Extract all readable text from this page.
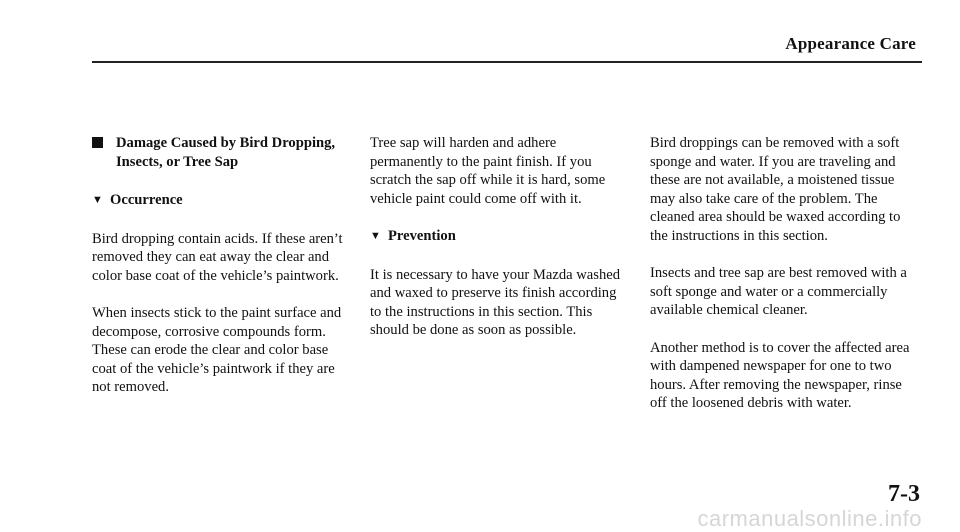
Appearance Care
Damage Caused by Bird Dropping, Insects, or Tree Sap
▼ Occurrence

Bird dropping contain acids. If these aren’t removed they can eat away the clear and color base coat of the vehicle’s paintwork.

When insects stick to the paint surface and decompose, corrosive compounds form. These can erode the clear and color base coat of the vehicle’s paintwork if they are not removed.

Tree sap will harden and adhere permanently to the paint finish. If you scratch the sap off while it is hard, some vehicle paint could come off with it.

▼ Prevention

It is necessary to have your Mazda washed and waxed to preserve its finish according to the instructions in this section. This should be done as soon as possible.

Bird droppings can be removed with a soft sponge and water. If you are traveling and these are not available, a moistened tissue may also take care of the problem. The cleaned area should be waxed according to the instructions in this section.

Insects and tree sap are best removed with a soft sponge and water or a commercially available chemical cleaner.

Another method is to cover the affected area with dampened newspaper for one to two hours. After removing the newspaper, rinse off the loosened debris with water.

7-3
carmanualsonline.info
